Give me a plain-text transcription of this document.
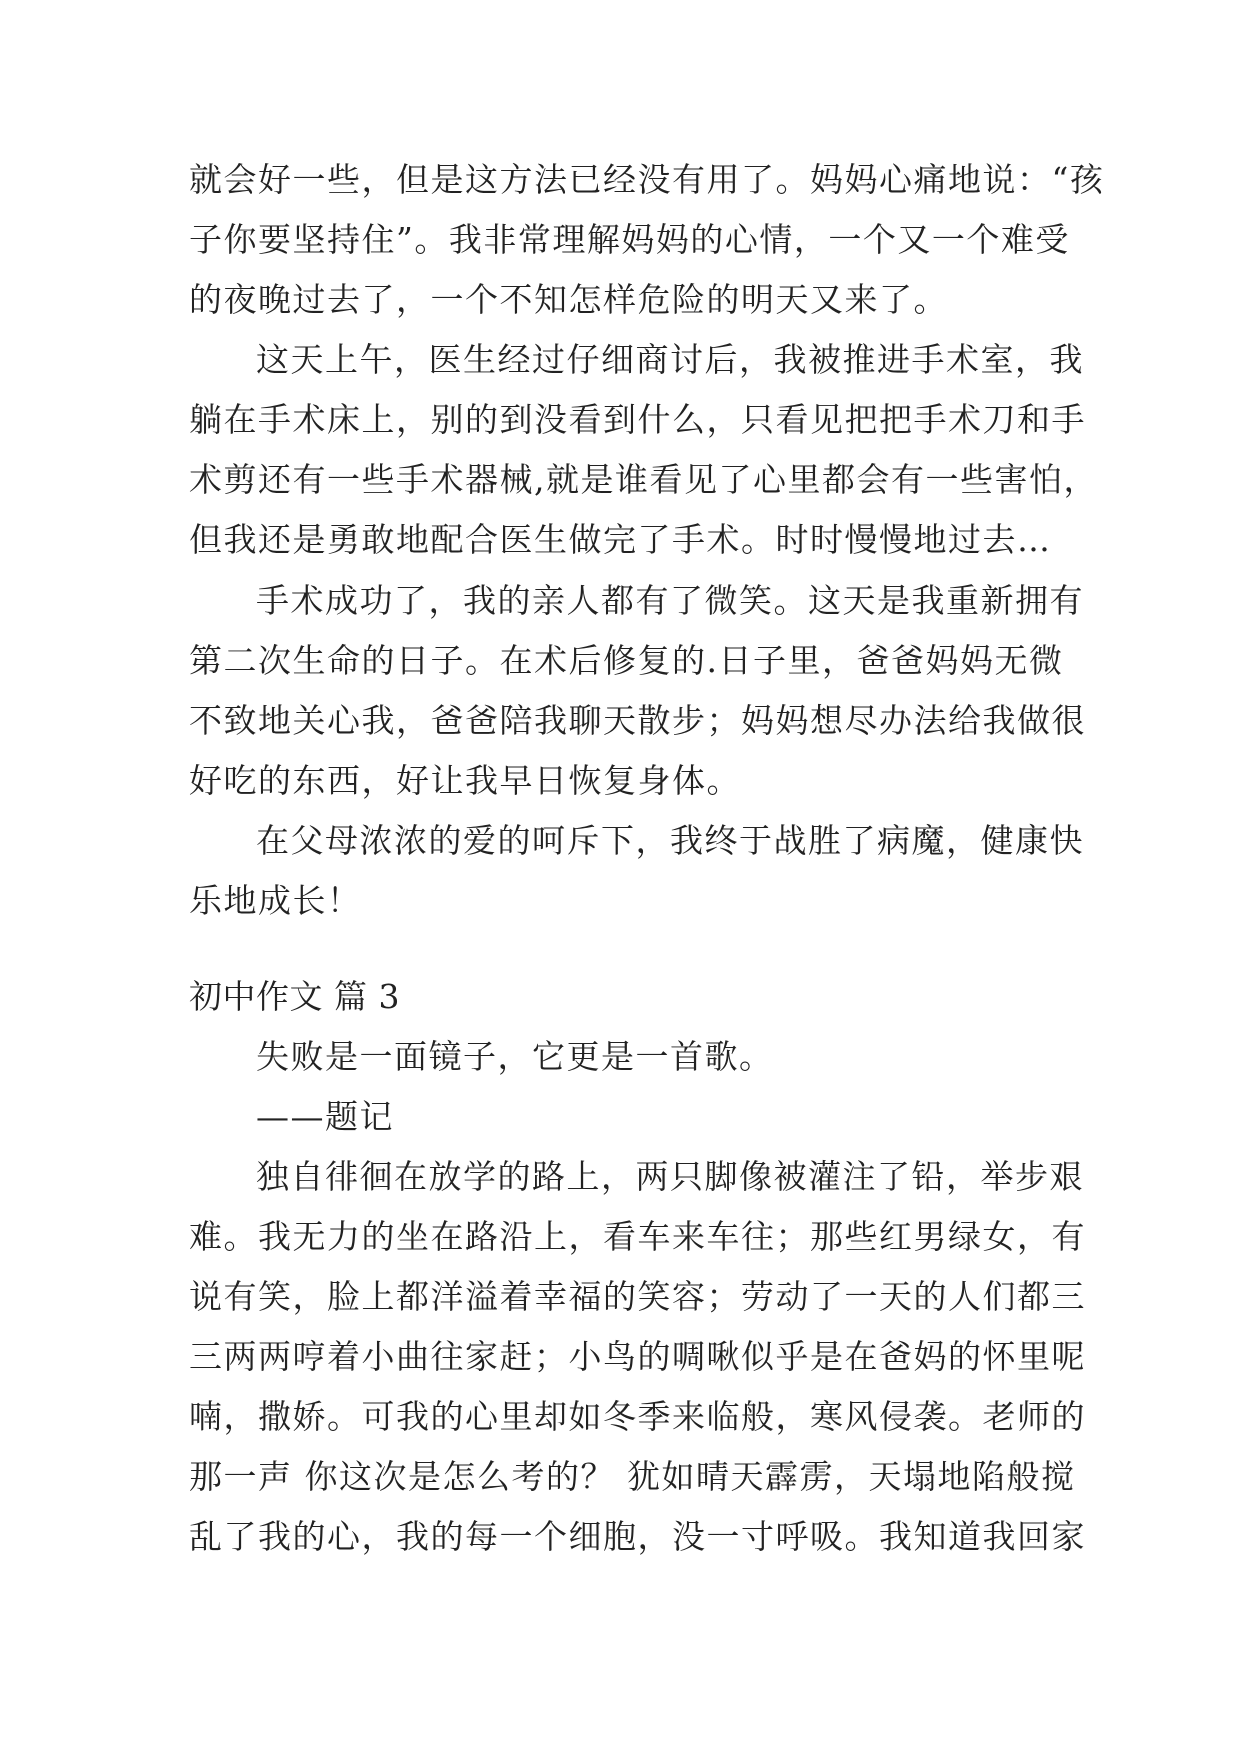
就会好一些，但是这方法已经没有用了。妈妈心痛地说：“孩
子你要坚持住”。我非常理解妈妈的心情，一个又一个难受
的夜晚过去了，一个不知怎样危险的明天又来了。
这天上午，医生经过仔细商讨后，我被推进手术室，我
躺在手术床上，别的到没看到什么，只看见把把手术刀和手
术剪还有一些手术器械,就是谁看见了心里都会有一些害怕，
但我还是勇敢地配合医生做完了手术。时时慢慢地过去…
手术成功了，我的亲人都有了微笑。这天是我重新拥有
第二次生命的日子。在术后修复的.日子里，爸爸妈妈无微
不致地关心我，爸爸陪我聊天散步；妈妈想尽办法给我做很
好吃的东西，好让我早日恢复身体。
在父母浓浓的爱的呵斥下，我终于战胜了病魔，健康快
乐地成长！
初中作文 篇 3
失败是一面镜子，它更是一首歌。
——题记
独自徘徊在放学的路上，两只脚像被灌注了铅，举步艰
难。我无力的坐在路沿上，看车来车往；那些红男绿女，有
说有笑，脸上都洋溢着幸福的笑容；劳动了一天的人们都三
三两两哼着小曲往家赶；小鸟的啁啾似乎是在爸妈的怀里呢
喃，撒娇。可我的心里却如冬季来临般，寒风侵袭。老师的
那一声 你这次是怎么考的？ 犹如晴天霹雳，天塌地陷般搅
乱了我的心，我的每一个细胞，没一寸呼吸。我知道我回家
